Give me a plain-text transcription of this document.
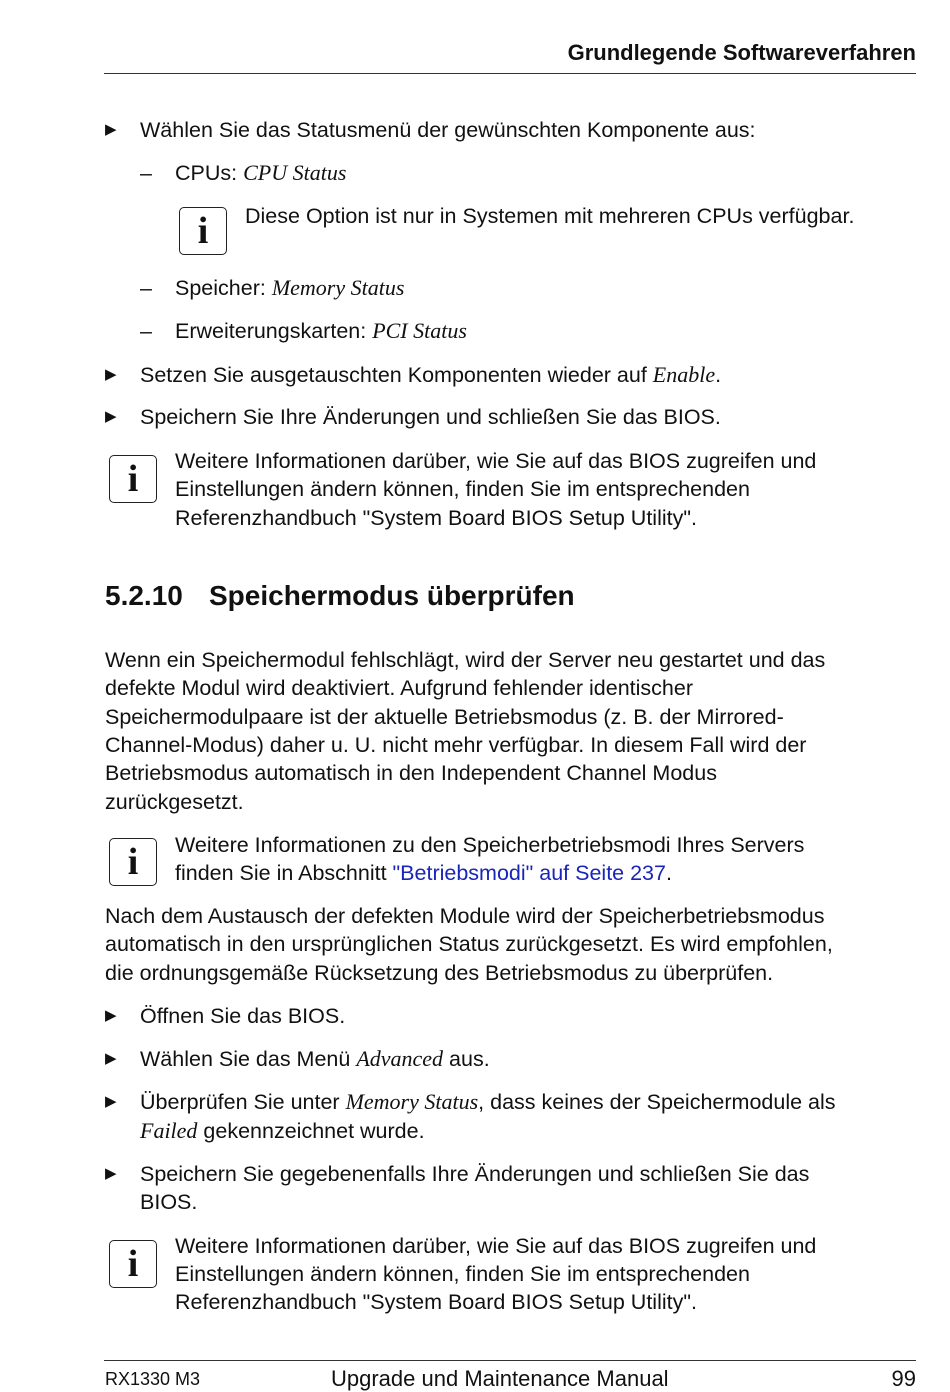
Grundlegende Softwareverfahren
▶ Wählen Sie das Statusmenü der gewünschten Komponente aus:
– CPUs: CPU Status
i	Diese Option ist nur in Systemen mit mehreren CPUs verfügbar.
– Speicher: Memory Status
– Erweiterungskarten: PCI Status
▶ Setzen Sie ausgetauschten Komponenten wieder auf Enable.
▶ Speichern Sie Ihre Änderungen und schließen Sie das BIOS.
i	Weitere Informationen darüber, wie Sie auf das BIOS zugreifen und
Einstellungen ändern können, finden Sie im entsprechenden
Referenzhandbuch "System Board BIOS Setup Utility".
5.2.10 Speichermodus überprüfen
Wenn ein Speichermodul fehlschlägt, wird der Server neu gestartet und das
defekte Modul wird deaktiviert. Aufgrund fehlender identischer
Speichermodulpaare ist der aktuelle Betriebsmodus (z. B. der Mirrored-
Channel-Modus) daher u. U. nicht mehr verfügbar. In diesem Fall wird der
Betriebsmodus automatisch in den Independent Channel Modus
zurückgesetzt.
i	Weitere Informationen zu den Speicherbetriebsmodi Ihres Servers
finden Sie in Abschnitt "Betriebsmodi" auf Seite 237.
Nach dem Austausch der defekten Module wird der Speicherbetriebsmodus
automatisch in den ursprünglichen Status zurückgesetzt. Es wird empfohlen,
die ordnungsgemäße Rücksetzung des Betriebsmodus zu überprüfen.
▶ Öffnen Sie das BIOS.
▶ Wählen Sie das Menü Advanced aus.
▶ Überprüfen Sie unter Memory Status, dass keines der Speichermodule als
Failed gekennzeichnet wurde.
▶ Speichern Sie gegebenenfalls Ihre Änderungen und schließen Sie das
BIOS.
i	Weitere Informationen darüber, wie Sie auf das BIOS zugreifen und
Einstellungen ändern können, finden Sie im entsprechenden
Referenzhandbuch "System Board BIOS Setup Utility".
RX1330 M3	Upgrade und Maintenance Manual	99
